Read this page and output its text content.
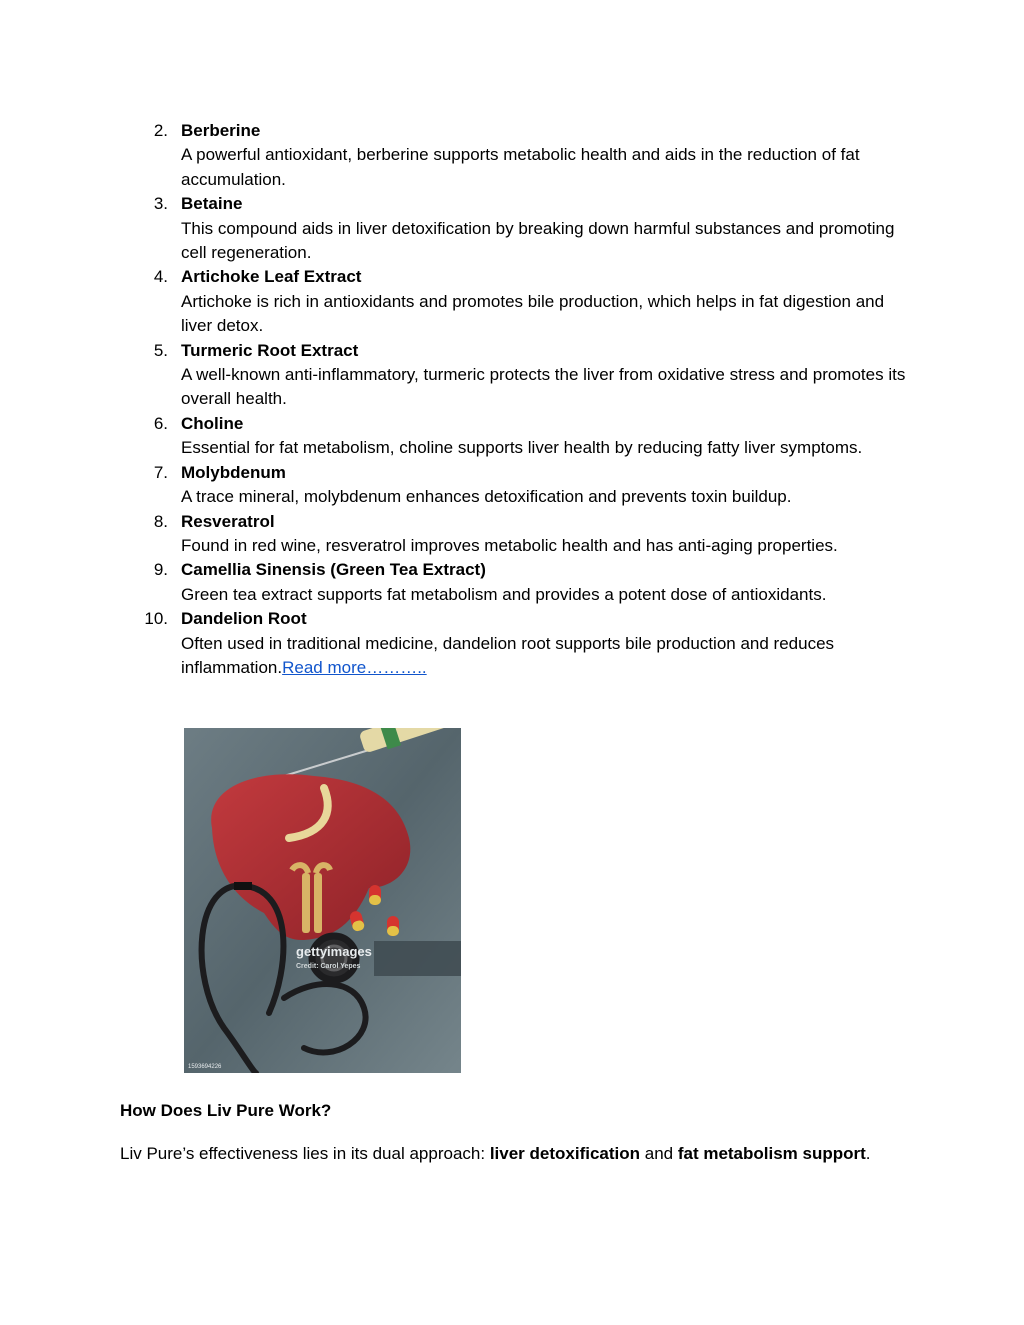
2. Berberine
A powerful antioxidant, berberine supports metabolic health and aids in the reduction of fat accumulation.
3. Betaine
This compound aids in liver detoxification by breaking down harmful substances and promoting cell regeneration.
4. Artichoke Leaf Extract
Artichoke is rich in antioxidants and promotes bile production, which helps in fat digestion and liver detox.
5. Turmeric Root Extract
A well-known anti-inflammatory, turmeric protects the liver from oxidative stress and promotes its overall health.
6. Choline
Essential for fat metabolism, choline supports liver health by reducing fatty liver symptoms.
7. Molybdenum
A trace mineral, molybdenum enhances detoxification and prevents toxin buildup.
8. Resveratrol
Found in red wine, resveratrol improves metabolic health and has anti-aging properties.
9. Camellia Sinensis (Green Tea Extract)
Green tea extract supports fat metabolism and provides a potent dose of antioxidants.
10. Dandelion Root
Often used in traditional medicine, dandelion root supports bile production and reduces inflammation.Read more………..
gettyimages
Credit: Carol Yepes
1593694226
How Does Liv Pure Work?

Liv Pure’s effectiveness lies in its dual approach: liver detoxification and fat metabolism support.
